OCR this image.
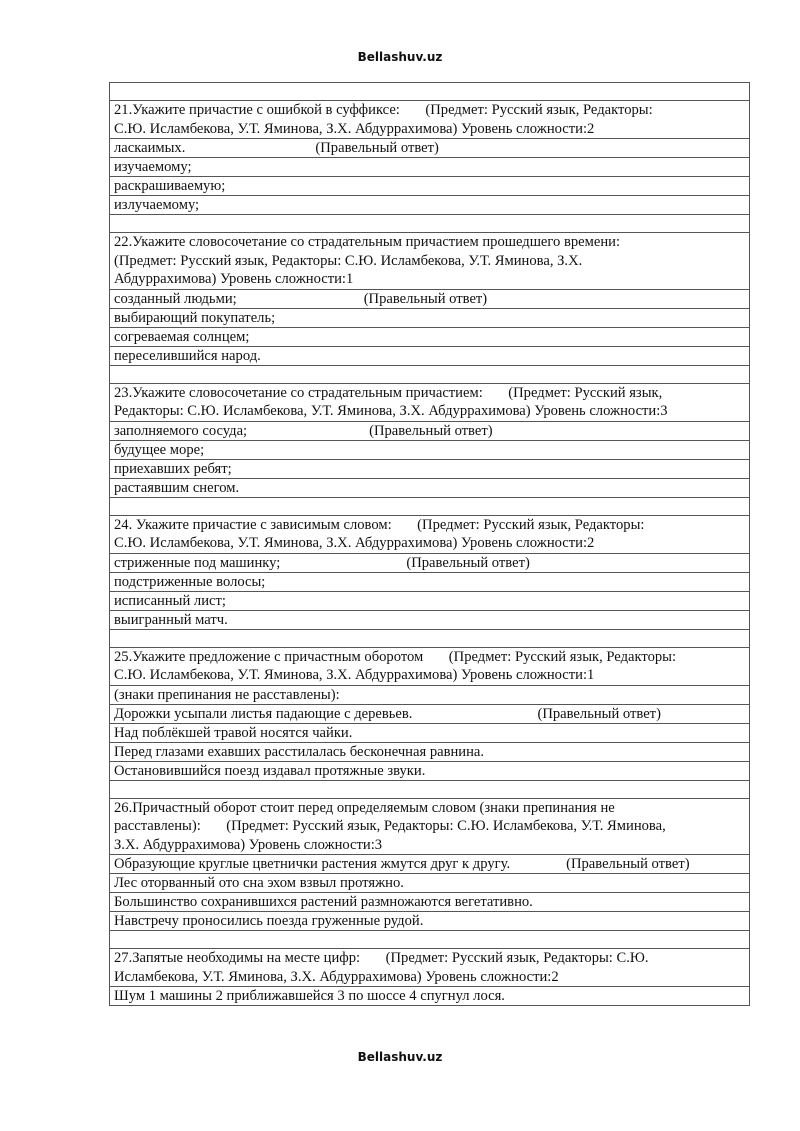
Bellashuv.uz
21.Укажите причастие с ошибкой в суффиксе:       (Предмет: Русский язык, Редакторы:
С.Ю. Исламбекова, У.Т. Яминова, З.Х. Абдуррахимова) Уровень сложности:2
ласкаимых.	(Правельный ответ)
изучаемому;
раскрашиваемую;
излучаемому;
22.Укажите словосочетание со страдательным причастием прошедшего времени:
(Предмет: Русский язык, Редакторы: С.Ю. Исламбекова, У.Т. Яминова, З.Х.
Абдуррахимова) Уровень сложности:1
созданный людьми;	(Правельный ответ)
выбирающий покупатель;
согреваемая солнцем;
переселившийся народ.
23.Укажите словосочетание со страдательным причастием:       (Предмет: Русский язык,
Редакторы: С.Ю. Исламбекова, У.Т. Яминова, З.Х. Абдуррахимова) Уровень сложности:3
заполняемого сосуда;	(Правельный ответ)
будущее море;
приехавших ребят;
растаявшим снегом.
24. Укажите причастие с зависимым словом:       (Предмет: Русский язык, Редакторы:
С.Ю. Исламбекова, У.Т. Яминова, З.Х. Абдуррахимова) Уровень сложности:2
стриженные под машинку;	(Правельный ответ)
подстриженные волосы;
исписанный лист;
выигранный матч.
25.Укажите предложение с причастным оборотом       (Предмет: Русский язык, Редакторы:
С.Ю. Исламбекова, У.Т. Яминова, З.Х. Абдуррахимова) Уровень сложности:1
(знаки препинания не расставлены):
Дорожки усыпали листья падающие с деревьев.	(Правельный ответ)
Над поблёкшей травой носятся чайки.
Перед глазами ехавших расстилалась бесконечная равнина.
Остановившийся поезд издавал протяжные звуки.
26.Причастный оборот стоит перед определяемым словом (знаки препинания не
расставлены):       (Предмет: Русский язык, Редакторы: С.Ю. Исламбекова, У.Т. Яминова,
З.Х. Абдуррахимова) Уровень сложности:3
Образующие круглые цветнички растения жмутся друг к другу.	(Правельный ответ)
Лес оторванный ото сна эхом взвыл протяжно.
Большинство сохранившихся растений размножаются вегетативно.
Навстречу проносились поезда груженные рудой.
27.Запятые необходимы на месте цифр:       (Предмет: Русский язык, Редакторы: С.Ю.
Исламбекова, У.Т. Яминова, З.Х. Абдуррахимова) Уровень сложности:2
Шум 1 машины 2 приближавшейся 3 по шоссе 4 спугнул лося.
Bellashuv.uz
